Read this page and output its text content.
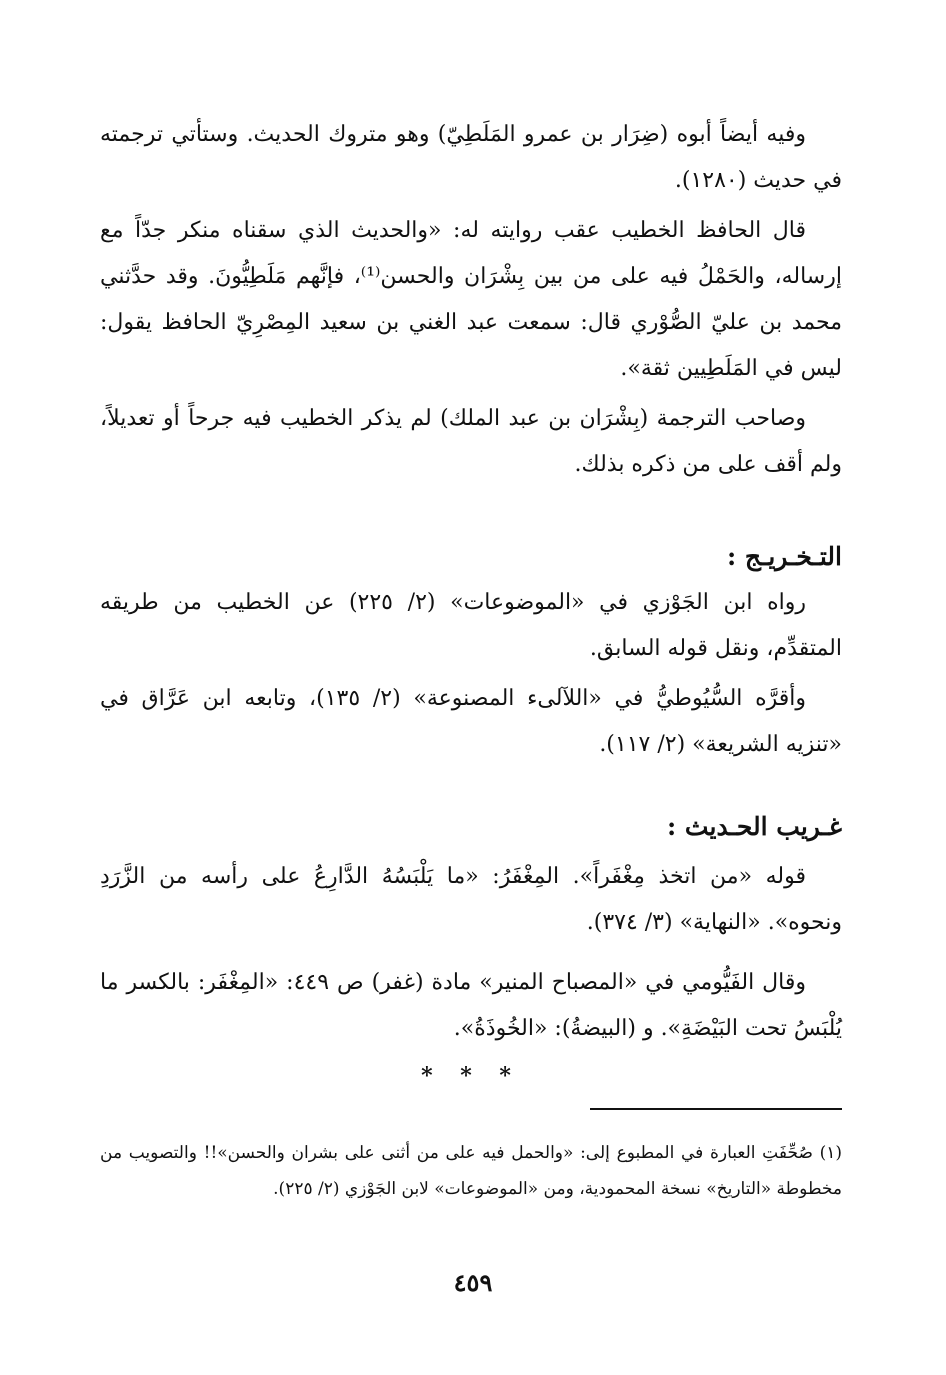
وفيه أيضاً أبوه (ضِرَار بن عمرو المَلَطِيّ) وهو متروك الحديث. وستأتي ترجمته في حديث (١٢٨٠).

قال الحافظ الخطيب عقب روايته له: «والحديث الذي سقناه منكر جدّاً مع إرساله، والحَمْلُ فيه على من بين بِشْرَان والحسن⁽¹⁾، فإنَّهم مَلَطِيُّونَ. وقد حدَّثني محمد بن عليّ الصُّوْري قال: سمعت عبد الغني بن سعيد المِصْرِيّ الحافظ يقول: ليس في المَلَطِيين ثقة».

وصاحب الترجمة (بِشْرَان بن عبد الملك) لم يذكر الخطيب فيه جرحاً أو تعديلاً، ولم أقف على من ذكره بذلك.

التـخـريـج :

رواه ابن الجَوْزي في «الموضوعات» (٢/ ٢٢٥) عن الخطيب من طريقه المتقدِّم، ونقل قوله السابق.

وأقرَّه السُّيُوطيُّ في «اللآلىء المصنوعة» (٢/ ١٣٥)، وتابعه ابن عَرَّاق في «تنزيه الشريعة» (٢/ ١١٧).

غـريب الحـديث :

قوله «من اتخذ مِغْفَراً». المِغْفَرُ: «ما يَلْبَسُهُ الدَّارِعُ على رأسه من الزَّرَدِ ونحوه». «النهاية» (٣/ ٣٧٤).

وقال الفَيُّومي في «المصباح المنير» مادة (غفر) ص ٤٤٩: «المِغْفَر: بالكسر ما يُلْبَسُ تحت البَيْضَةِ». و (البيضةُ): «الخُوذَةُ».

* * *

(١) صُحِّفَتِ العبارة في المطبوع إلى: «والحمل فيه على من أثنى على بشران والحسن»!! والتصويب من مخطوطة «التاريخ» نسخة المحمودية، ومن «الموضوعات» لابن الجَوْزي (٢/ ٢٢٥).

٤٥٩
